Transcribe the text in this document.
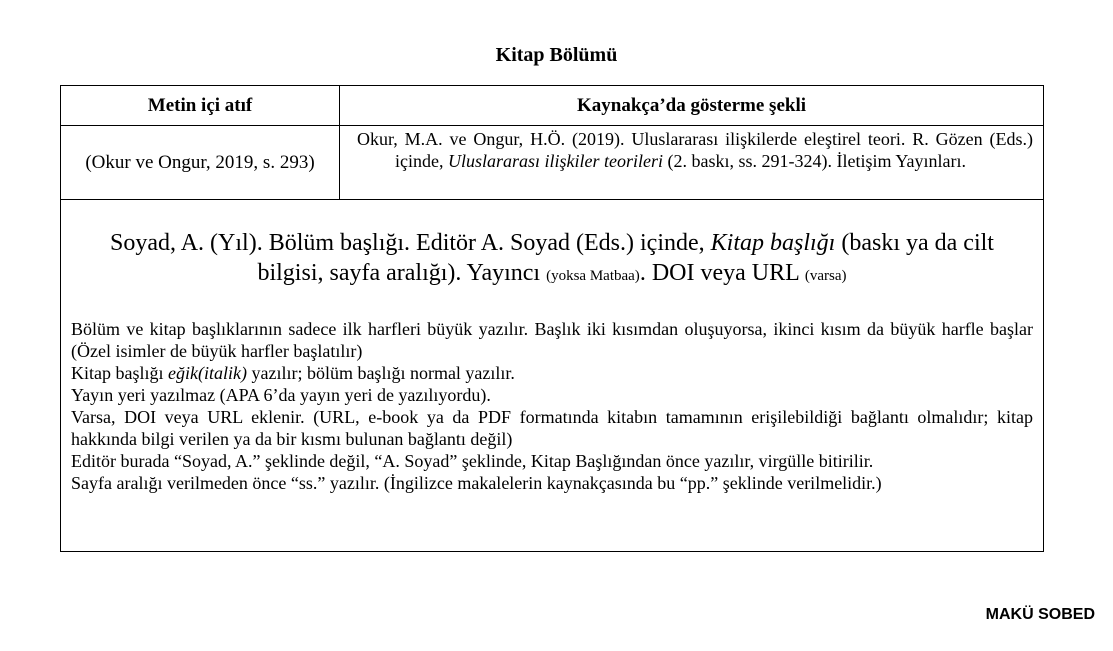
Kitap Bölümü
Metin içi atıf	Kaynakça’da gösterme şekli
(Okur ve Ongur, 2019, s. 293)
Okur, M.A. ve Ongur, H.Ö. (2019). Uluslararası ilişkilerde eleştirel teori. R. Gözen (Eds.) içinde, Uluslararası ilişkiler teorileri (2. baskı, ss. 291-324). İletişim Yayınları.
Soyad, A. (Yıl). Bölüm başlığı. Editör A. Soyad (Eds.) içinde, Kitap başlığı (baskı ya da cilt bilgisi, sayfa aralığı). Yayıncı (yoksa Matbaa). DOI veya URL (varsa)

Bölüm ve kitap başlıklarının sadece ilk harfleri büyük yazılır. Başlık iki kısımdan oluşuyorsa, ikinci kısım da büyük harfle başlar (Özel isimler de büyük harfler başlatılır)

Kitap başlığı eğik(italik) yazılır; bölüm başlığı normal yazılır.

Yayın yeri yazılmaz (APA 6’da yayın yeri de yazılıyordu).

Varsa, DOI veya URL eklenir. (URL, e-book ya da PDF formatında kitabın tamamının erişilebildiği bağlantı olmalıdır; kitap hakkında bilgi verilen ya da bir kısmı bulunan bağlantı değil)

Editör burada “Soyad, A.” şeklinde değil, “A. Soyad” şeklinde, Kitap Başlığından önce yazılır, virgülle bitirilir.

Sayfa aralığı verilmeden önce “ss.” yazılır. (İngilizce makalelerin kaynakçasında bu “pp.” şeklinde verilmelidir.)

MAKÜ SOBED
